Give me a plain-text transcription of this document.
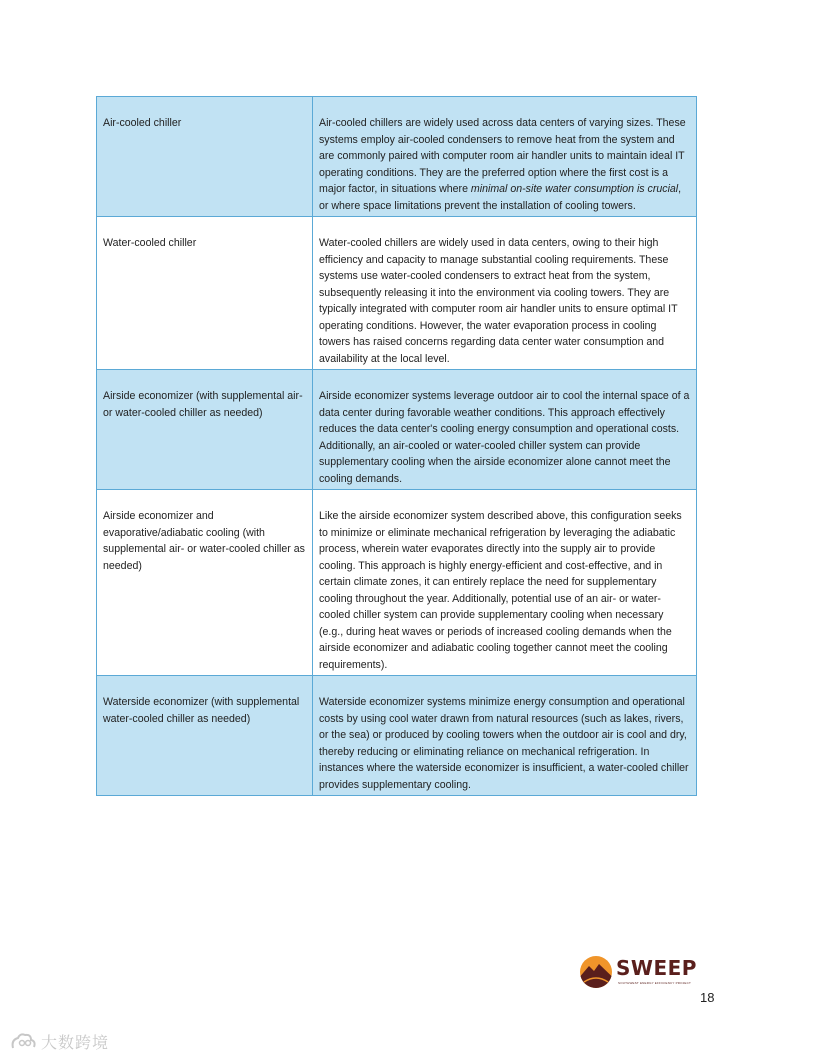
Air-cooled chiller	Air-cooled chillers are widely used across data centers of varying sizes. These systems employ air-cooled condensers to remove heat from the system and are commonly paired with computer room air handler units to maintain ideal IT operating conditions. They are the preferred option where the first cost is a major factor, in situations where minimal on-site water consumption is crucial, or where space limitations prevent the installation of cooling towers.
Water-cooled chiller	Water-cooled chillers are widely used in data centers, owing to their high efficiency and capacity to manage substantial cooling requirements. These systems use water-cooled condensers to extract heat from the system, subsequently releasing it into the environment via cooling towers. They are typically integrated with computer room air handler units to ensure optimal IT operating conditions. However, the water evaporation process in cooling towers has raised concerns regarding data center water consumption and availability at the local level.
Airside economizer (with supplemental air- or water-cooled chiller as needed)	Airside economizer systems leverage outdoor air to cool the internal space of a data center during favorable weather conditions. This approach effectively reduces the data center's cooling energy consumption and operational costs. Additionally, an air-cooled or water-cooled chiller system can provide supplementary cooling when the airside economizer alone cannot meet the cooling demands.
Airside economizer and evaporative/adiabatic cooling (with supplemental air- or water-cooled chiller as needed)	Like the airside economizer system described above, this configuration seeks to minimize or eliminate mechanical refrigeration by leveraging the adiabatic process, wherein water evaporates directly into the supply air to provide cooling. This approach is highly energy-efficient and cost-effective, and in certain climate zones, it can entirely replace the need for supplementary cooling throughout the year. Additionally, potential use of an air- or water-cooled chiller system can provide supplementary cooling when necessary (e.g., during heat waves or periods of increased cooling demands when the airside economizer and adiabatic cooling together cannot meet the cooling requirements).
Waterside economizer (with supplemental water-cooled chiller as needed)	Waterside economizer systems minimize energy consumption and operational costs by using cool water drawn from natural resources (such as lakes, rivers, or the sea) or produced by cooling towers when the outdoor air is cool and dry, thereby reducing or eliminating reliance on mechanical refrigeration. In instances where the waterside economizer is insufficient, a water-cooled chiller provides supplementary cooling.
SWEEP
SOUTHWEST ENERGY EFFICIENCY PROJECT
18
大数跨境
